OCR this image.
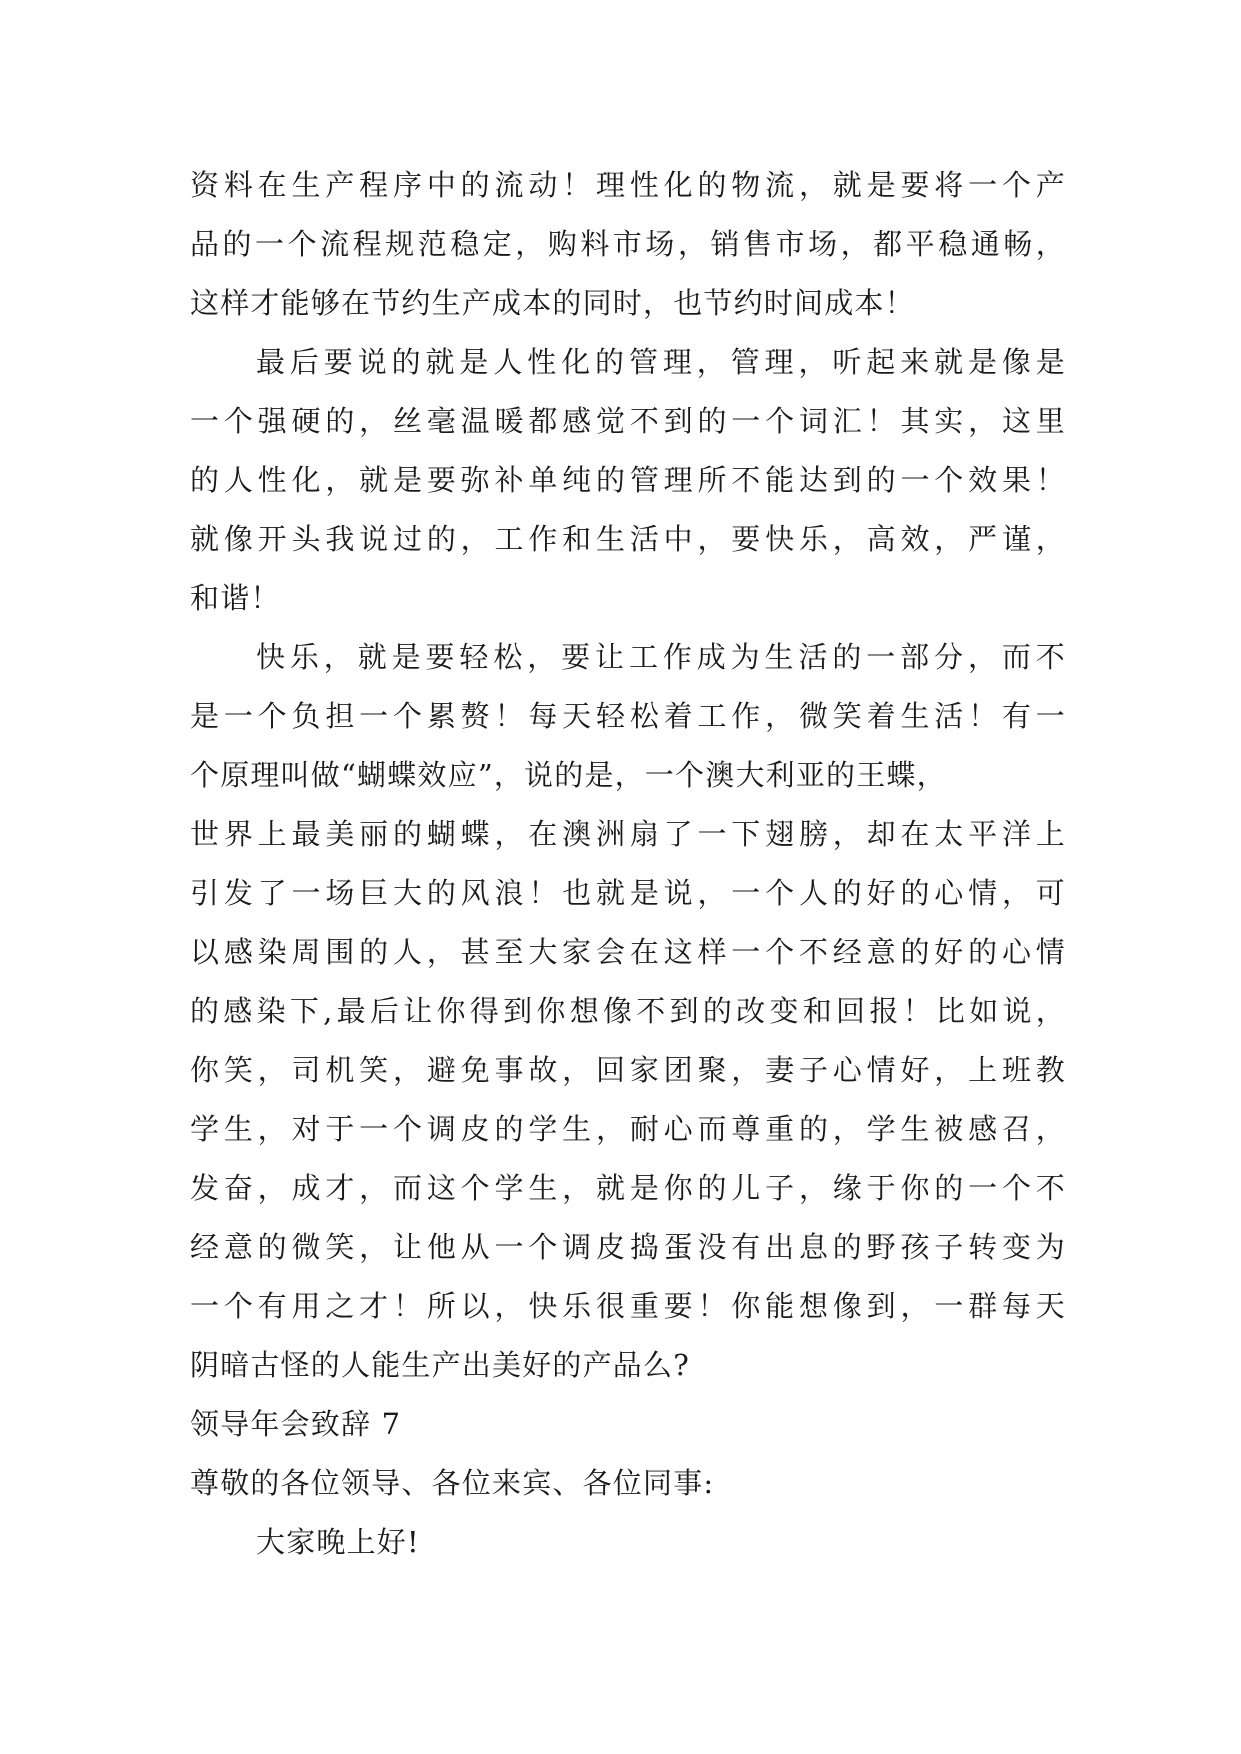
资料在生产程序中的流动！理性化的物流，就是要将一个产
品的一个流程规范稳定，购料市场，销售市场，都平稳通畅，
这样才能够在节约生产成本的同时，也节约时间成本！
最后要说的就是人性化的管理，管理，听起来就是像是
一个强硬的，丝毫温暖都感觉不到的一个词汇！其实，这里
的人性化，就是要弥补单纯的管理所不能达到的一个效果！
就像开头我说过的，工作和生活中，要快乐，高效，严谨，
和谐！
快乐，就是要轻松，要让工作成为生活的一部分，而不
是一个负担一个累赘！每天轻松着工作，微笑着生活！有一
个原理叫做“蝴蝶效应”，说的是，一个澳大利亚的王蝶，
世界上最美丽的蝴蝶，在澳洲扇了一下翅膀，却在太平洋上
引发了一场巨大的风浪！也就是说，一个人的好的心情，可
以感染周围的人，甚至大家会在这样一个不经意的好的心情
的感染下,最后让你得到你想像不到的改变和回报！比如说，
你笑，司机笑，避免事故，回家团聚，妻子心情好，上班教
学生，对于一个调皮的学生，耐心而尊重的，学生被感召，
发奋，成才，而这个学生，就是你的儿子，缘于你的一个不
经意的微笑，让他从一个调皮捣蛋没有出息的野孩子转变为
一个有用之才！所以，快乐很重要！你能想像到，一群每天
阴暗古怪的人能生产出美好的产品么?
领导年会致辞 7
尊敬的各位领导、各位来宾、各位同事:
大家晚上好!
